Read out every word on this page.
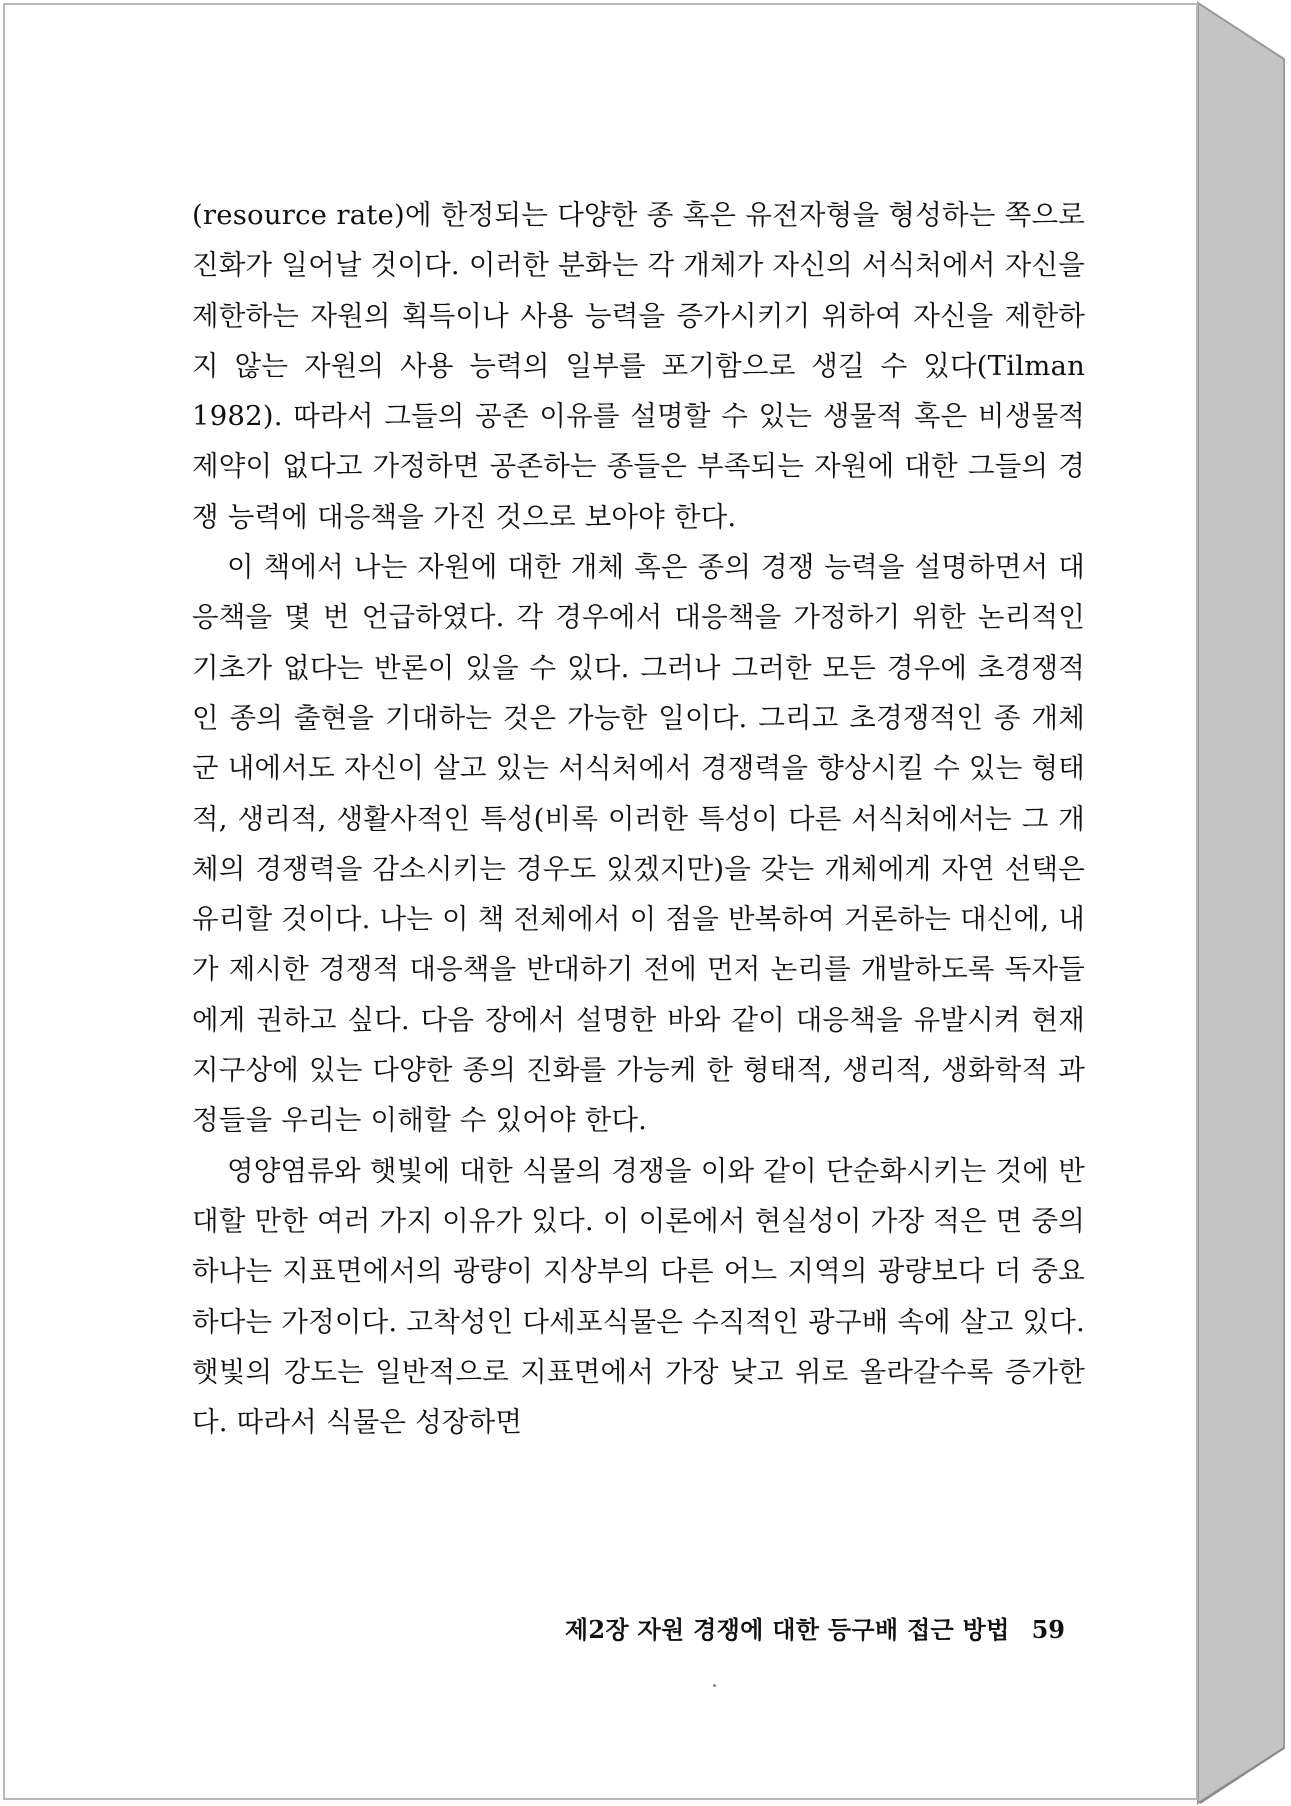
(resource rate)에 한정되는 다양한 종 혹은 유전자형을 형성하는 쪽으로 진화가 일어날 것이다. 이러한 분화는 각 개체가 자신의 서식처에서 자신을 제한하는 자원의 획득이나 사용 능력을 증가시키기 위하여 자신을 제한하지 않는 자원의 사용 능력의 일부를 포기함으로 생길 수 있다(Tilman 1982). 따라서 그들의 공존 이유를 설명할 수 있는 생물적 혹은 비생물적 제약이 없다고 가정하면 공존하는 종들은 부족되는 자원에 대한 그들의 경쟁 능력에 대응책을 가진 것으로 보아야 한다.

이 책에서 나는 자원에 대한 개체 혹은 종의 경쟁 능력을 설명하면서 대응책을 몇 번 언급하였다. 각 경우에서 대응책을 가정하기 위한 논리적인 기초가 없다는 반론이 있을 수 있다. 그러나 그러한 모든 경우에 초경쟁적인 종의 출현을 기대하는 것은 가능한 일이다. 그리고 초경쟁적인 종 개체군 내에서도 자신이 살고 있는 서식처에서 경쟁력을 향상시킬 수 있는 형태적, 생리적, 생활사적인 특성(비록 이러한 특성이 다른 서식처에서는 그 개체의 경쟁력을 감소시키는 경우도 있겠지만)을 갖는 개체에게 자연 선택은 유리할 것이다. 나는 이 책 전체에서 이 점을 반복하여 거론하는 대신에, 내가 제시한 경쟁적 대응책을 반대하기 전에 먼저 논리를 개발하도록 독자들에게 권하고 싶다. 다음 장에서 설명한 바와 같이 대응책을 유발시켜 현재 지구상에 있는 다양한 종의 진화를 가능케 한 형태적, 생리적, 생화학적 과정들을 우리는 이해할 수 있어야 한다.

영양염류와 햇빛에 대한 식물의 경쟁을 이와 같이 단순화시키는 것에 반대할 만한 여러 가지 이유가 있다. 이 이론에서 현실성이 가장 적은 면 중의 하나는 지표면에서의 광량이 지상부의 다른 어느 지역의 광량보다 더 중요하다는 가정이다. 고착성인 다세포식물은 수직적인 광구배 속에 살고 있다. 햇빛의 강도는 일반적으로 지표면에서 가장 낮고 위로 올라갈수록 증가한다. 따라서 식물은 성장하면

제2장 자원 경쟁에 대한 등구배 접근 방법 59
